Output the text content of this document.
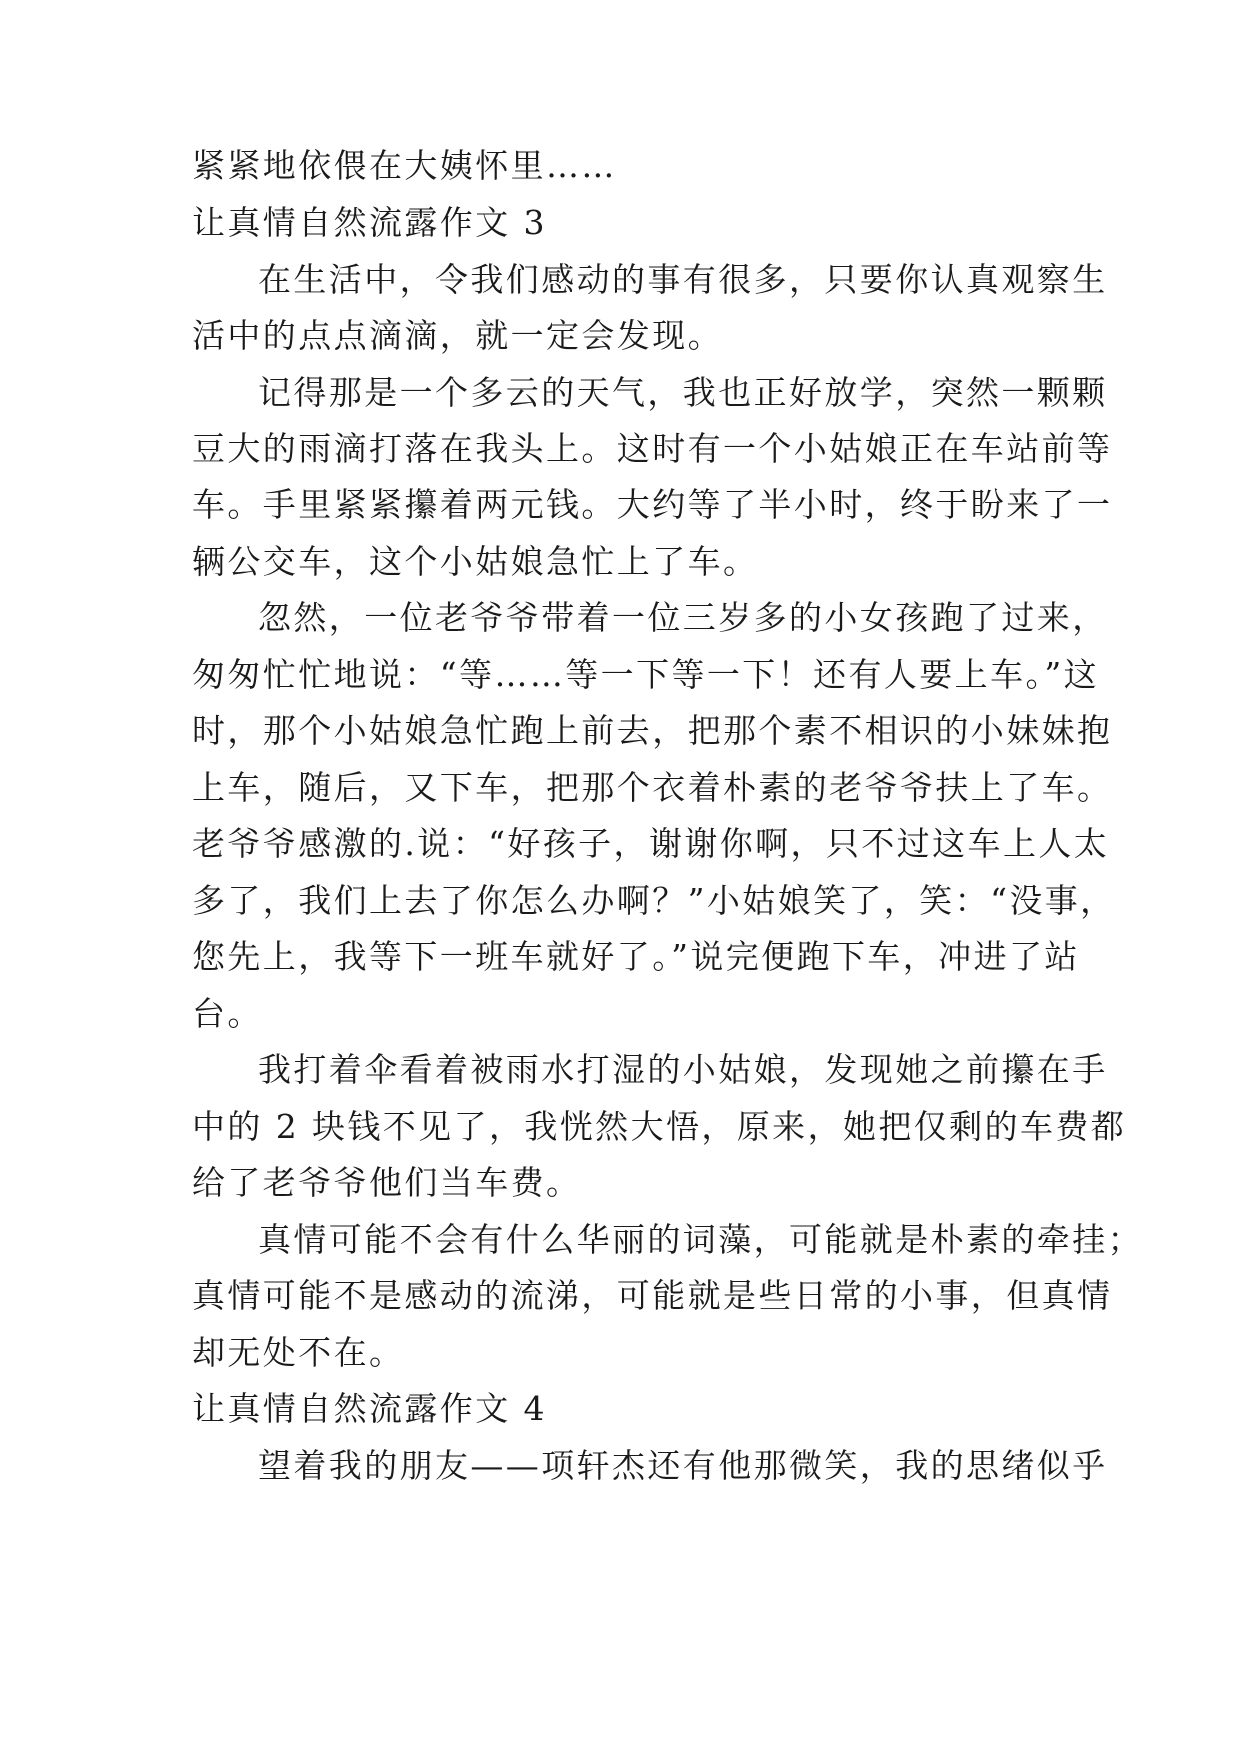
紧紧地依偎在大姨怀里……
让真情自然流露作文 3
在生活中，令我们感动的事有很多，只要你认真观察生
活中的点点滴滴，就一定会发现。
记得那是一个多云的天气，我也正好放学，突然一颗颗
豆大的雨滴打落在我头上。这时有一个小姑娘正在车站前等
车。手里紧紧攥着两元钱。大约等了半小时，终于盼来了一
辆公交车，这个小姑娘急忙上了车。
忽然，一位老爷爷带着一位三岁多的小女孩跑了过来，
匆匆忙忙地说：“等……等一下等一下！还有人要上车。”这
时，那个小姑娘急忙跑上前去，把那个素不相识的小妹妹抱
上车，随后，又下车，把那个衣着朴素的老爷爷扶上了车。
老爷爷感激的.说：“好孩子，谢谢你啊，只不过这车上人太
多了，我们上去了你怎么办啊？”小姑娘笑了，笑：“没事，
您先上，我等下一班车就好了。”说完便跑下车，冲进了站
台。
我打着伞看着被雨水打湿的小姑娘，发现她之前攥在手
中的 2 块钱不见了，我恍然大悟，原来，她把仅剩的车费都
给了老爷爷他们当车费。
真情可能不会有什么华丽的词藻，可能就是朴素的牵挂；
真情可能不是感动的流涕，可能就是些日常的小事，但真情
却无处不在。
让真情自然流露作文 4
望着我的朋友——项轩杰还有他那微笑，我的思绪似乎
